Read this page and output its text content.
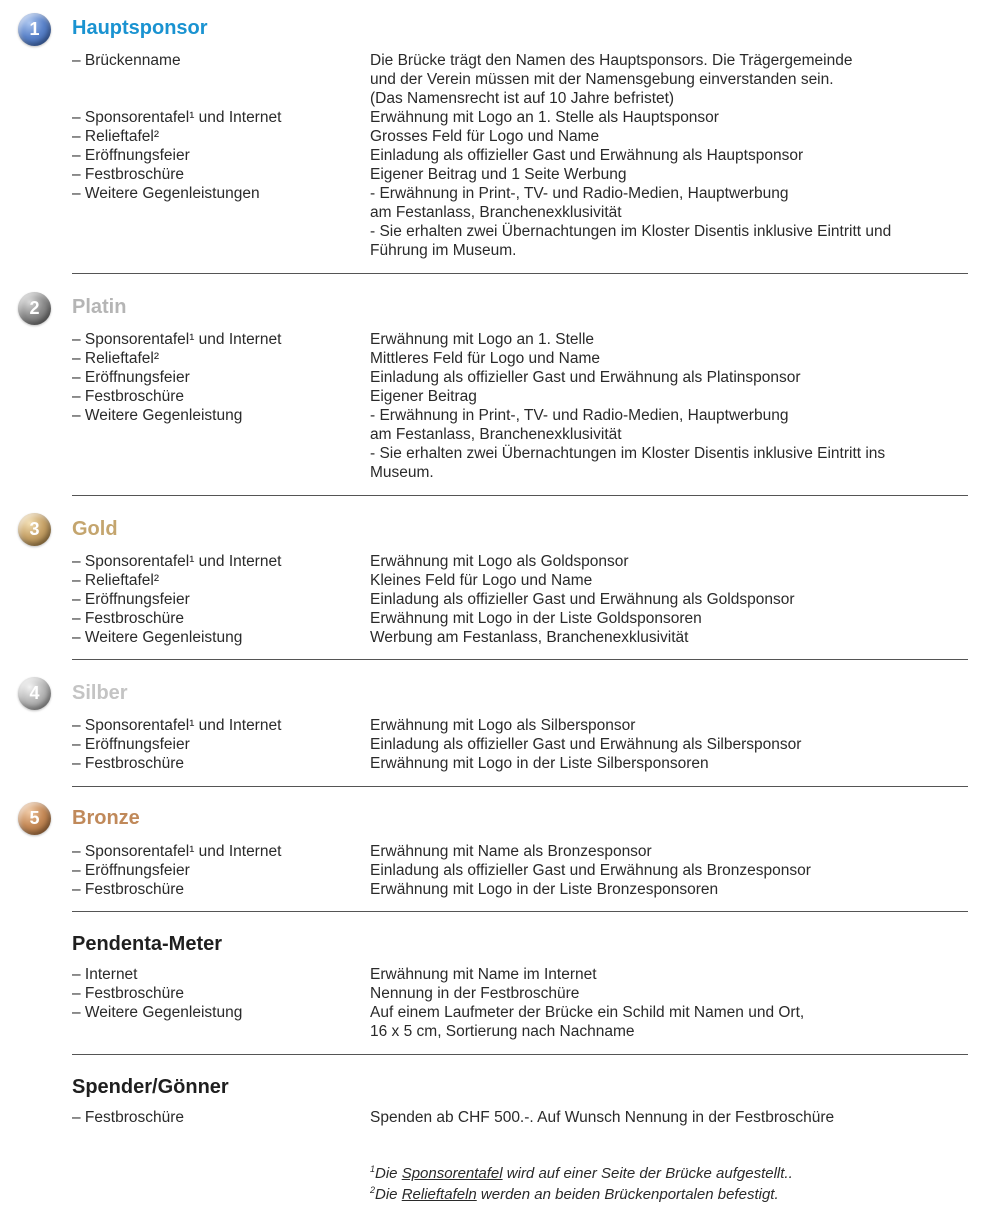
1 Hauptsponsor
– Brückenname	Die Brücke trägt den Namen des Hauptsponsors. Die Trägergemeinde
und der Verein müssen mit der Namensgebung einverstanden sein.
(Das Namensrecht ist auf 10 Jahre befristet)
– Sponsorentafel¹ und Internet	Erwähnung mit Logo an 1. Stelle als Hauptsponsor
– Relieftafel²	Grosses Feld für Logo und Name
– Eröffnungsfeier	Einladung als offizieller Gast und Erwähnung als Hauptsponsor
– Festbroschüre	Eigener Beitrag und 1 Seite Werbung
– Weitere Gegenleistungen	- Erwähnung in Print-, TV- und Radio-Medien, Hauptwerbung
am Festanlass, Branchenexklusivität
- Sie erhalten zwei Übernachtungen im Kloster Disentis inklusive Eintritt und
Führung im Museum.
2 Platin
– Sponsorentafel¹ und Internet	Erwähnung mit Logo an 1. Stelle
– Relieftafel²	Mittleres Feld für Logo und Name
– Eröffnungsfeier	Einladung als offizieller Gast und Erwähnung als Platinsponsor
– Festbroschüre	Eigener Beitrag
– Weitere Gegenleistung	- Erwähnung in Print-, TV- und Radio-Medien, Hauptwerbung
am Festanlass, Branchenexklusivität
- Sie erhalten zwei Übernachtungen im Kloster Disentis inklusive Eintritt ins
Museum.
3 Gold
– Sponsorentafel¹ und Internet	Erwähnung mit Logo als Goldsponsor
– Relieftafel²	Kleines Feld für Logo und Name
– Eröffnungsfeier	Einladung als offizieller Gast und Erwähnung als Goldsponsor
– Festbroschüre	Erwähnung mit Logo in der Liste Goldsponsoren
– Weitere Gegenleistung	Werbung am Festanlass, Branchenexklusivität
4 Silber
– Sponsorentafel¹ und Internet	Erwähnung mit Logo als Silbersponsor
– Eröffnungsfeier	Einladung als offizieller Gast und Erwähnung als Silbersponsor
– Festbroschüre	Erwähnung mit Logo in der Liste Silbersponsoren
5 Bronze
– Sponsorentafel¹ und Internet	Erwähnung mit Name als Bronzesponsor
– Eröffnungsfeier	Einladung als offizieller Gast und Erwähnung als Bronzesponsor
– Festbroschüre	Erwähnung mit Logo in der Liste Bronzesponsoren
Pendenta-Meter
– Internet	Erwähnung mit Name im Internet
– Festbroschüre	Nennung in der Festbroschüre
– Weitere Gegenleistung	Auf einem Laufmeter der Brücke ein Schild mit Namen und Ort,
16 x 5 cm, Sortierung nach Nachname
Spender/Gönner
– Festbroschüre	Spenden ab CHF 500.-. Auf Wunsch Nennung in der Festbroschüre
$^1$Die Sponsorentafel wird auf einer Seite der Brücke aufgestellt..
$^2$Die Relieftafeln werden an beiden Brückenportalen befestigt.
